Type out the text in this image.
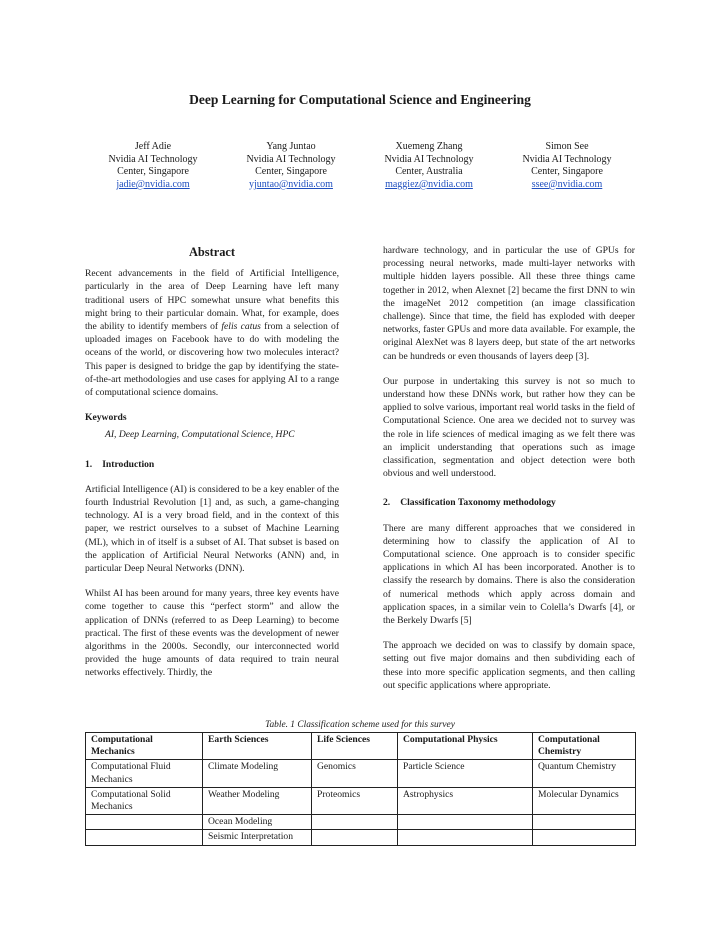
Deep Learning for Computational Science and Engineering
Jeff Adie
Nvidia AI Technology
Center, Singapore
jadie@nvidia.com
Yang Juntao
Nvidia AI Technology
Center, Singapore
yjuntao@nvidia.com
Xuemeng Zhang
Nvidia AI Technology
Center, Australia
maggiez@nvidia.com
Simon See
Nvidia AI Technology
Center, Singapore
ssee@nvidia.com
Abstract

Recent advancements in the field of Artificial Intelligence, particularly in the area of Deep Learning have left many traditional users of HPC somewhat unsure what benefits this might bring to their particular domain. What, for example, does the ability to identify members of felis catus from a selection of uploaded images on Facebook have to do with modeling the oceans of the world, or discovering how two molecules interact? This paper is designed to bridge the gap by identifying the state-of-the-art methodologies and use cases for applying AI to a range of computational science domains.

Keywords
AI, Deep Learning, Computational Science, HPC
1. Introduction

Artificial Intelligence (AI) is considered to be a key enabler of the fourth Industrial Revolution [1] and, as such, a game-changing technology. AI is a very broad field, and in the context of this paper, we restrict ourselves to a subset of Machine Learning (ML), which in of itself is a subset of AI. That subset is based on the application of Artificial Neural Networks (ANN) and, in particular Deep Neural Networks (DNN).

Whilst AI has been around for many years, three key events have come together to cause this “perfect storm” and allow the application of DNNs (referred to as Deep Learning) to become practical. The first of these events was the development of newer algorithms in the 2000s. Secondly, our interconnected world provided the huge amounts of data required to train neural networks effectively. Thirdly, the

hardware technology, and in particular the use of GPUs for processing neural networks, made multi-layer networks with multiple hidden layers possible. All these three things came together in 2012, when Alexnet [2] became the first DNN to win the imageNet 2012 competition (an image classification challenge). Since that time, the field has exploded with deeper networks, faster GPUs and more data available. For example, the original AlexNet was 8 layers deep, but state of the art networks can be hundreds or even thousands of layers deep [3].

Our purpose in undertaking this survey is not so much to understand how these DNNs work, but rather how they can be applied to solve various, important real world tasks in the field of Computational Science. One area we decided not to survey was the role in life sciences of medical imaging as we felt there was an implicit understanding that operations such as image classification, segmentation and object detection were both obvious and well understood.

2. Classification Taxonomy methodology

There are many different approaches that we considered in determining how to classify the application of AI to Computational science. One approach is to consider specific applications in which AI has been incorporated. Another is to classify the research by domains. There is also the consideration of numerical methods which apply across domain and application spaces, in a similar vein to Colella’s Dwarfs [4], or the Berkely Dwarfs [5]

The approach we decided on was to classify by domain space, setting out five major domains and then subdividing each of these into more specific application segments, and then calling out specific applications where appropriate.

Table. 1 Classification scheme used for this survey
Computational Mechanics	Earth Sciences	Life Sciences	Computational Physics	Computational Chemistry
Computational Fluid Mechanics	Climate Modeling	Genomics	Particle Science	Quantum Chemistry
Computational Solid Mechanics	Weather Modeling	Proteomics	Astrophysics	Molecular Dynamics
	Ocean Modeling			
	Seismic Interpretation			
